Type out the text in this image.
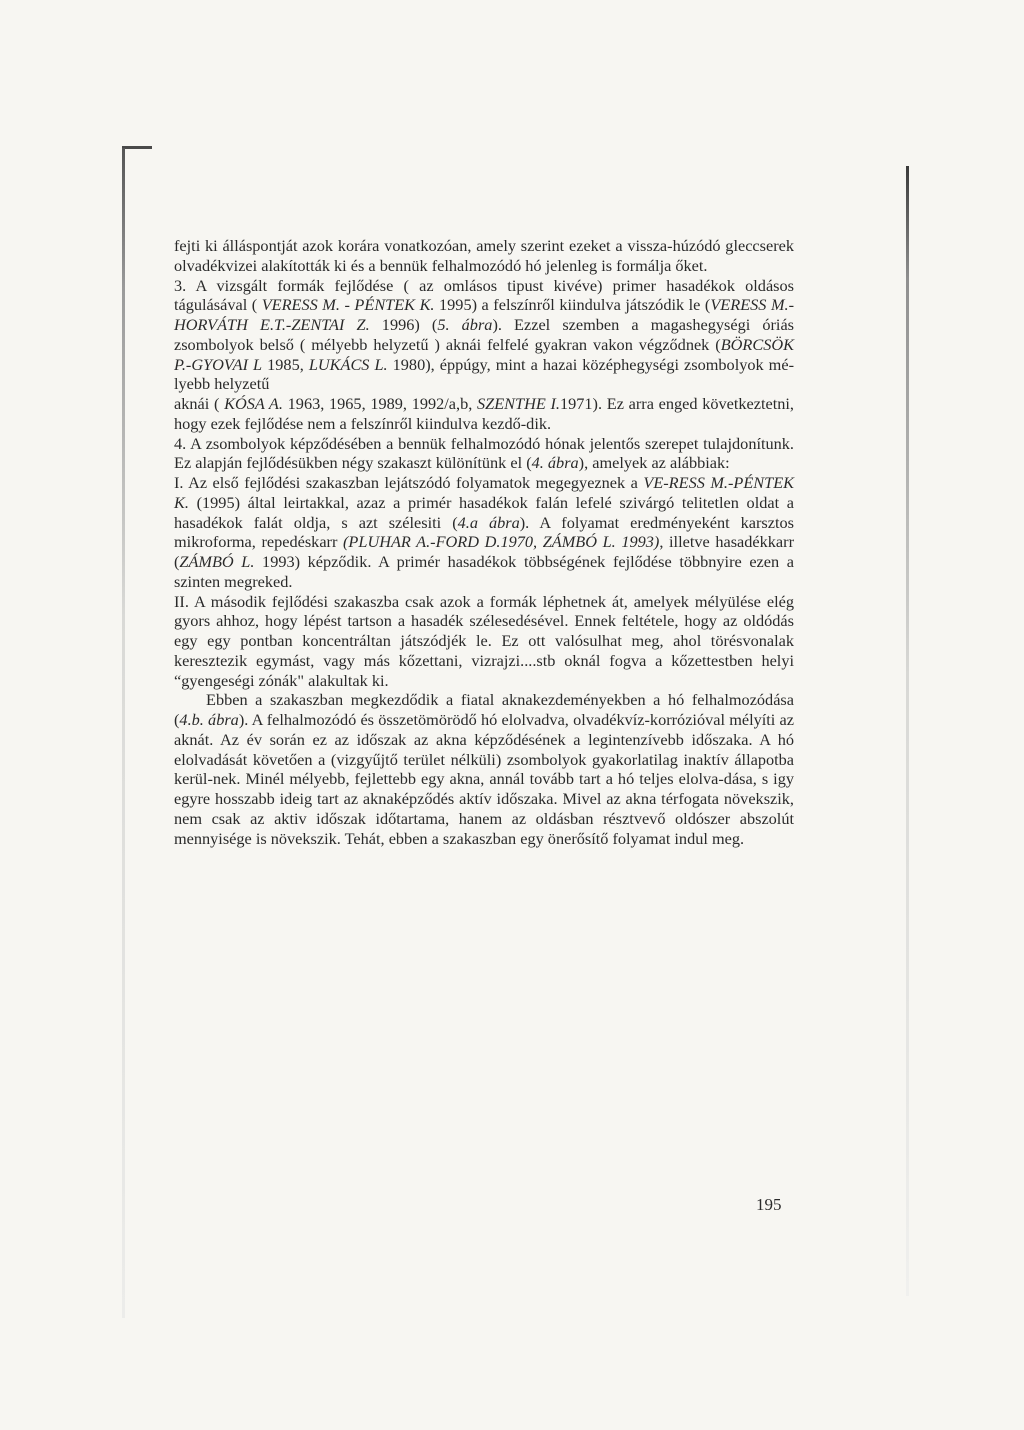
fejti ki álláspontját azok korára vonatkozóan, amely szerint ezeket a vissza-húzódó gleccserek olvadékvizei alakították ki és a bennük felhalmozódó hó jelenleg is formálja őket.

3. A vizsgált formák fejlődése ( az omlásos tipust kivéve) primer hasadékok oldásos tágulásával ( VERESS M. - PÉNTEK K. 1995) a felszínről kiindulva játszódik le (VERESS M.-HORVÁTH E.T.-ZENTAI Z. 1996) (5. ábra). Ezzel szemben a magashegységi óriás zsombolyok belső ( mélyebb helyzetű ) aknái felfelé gyakran vakon végződnek (BÖRCSÖK P.-GYOVAI L 1985, LUKÁCS L. 1980), éppúgy, mint a hazai középhegységi zsombolyok mé-lyebb helyzetű

aknái ( KÓSA A. 1963, 1965, 1989, 1992/a,b, SZENTHE I.1971). Ez arra enged következtetni, hogy ezek fejlődése nem a felszínről kiindulva kezdő-dik.

4. A zsombolyok képződésében a bennük felhalmozódó hónak jelentős szerepet tulajdonítunk. Ez alapján fejlődésükben négy szakaszt különítünk el (4. ábra), amelyek az alábbiak:

I. Az első fejlődési szakaszban lejátszódó folyamatok megegyeznek a VE-RESS M.-PÉNTEK K. (1995) által leirtakkal, azaz a primér hasadékok falán lefelé szivárgó telitetlen oldat a hasadékok falát oldja, s azt szélesiti (4.a ábra). A folyamat eredményeként karsztos mikroforma, repedéskarr (PLUHAR A.-FORD D.1970, ZÁMBÓ L. 1993), illetve hasadékkarr (ZÁMBÓ L. 1993) képződik. A primér hasadékok többségének fejlődése többnyire ezen a szinten megreked.

II. A második fejlődési szakaszba csak azok a formák léphetnek át, amelyek mélyülése elég gyors ahhoz, hogy lépést tartson a hasadék szélesedésével. Ennek feltétele, hogy az oldódás egy egy pontban koncentráltan játszódjék le. Ez ott valósulhat meg, ahol törésvonalak keresztezik egymást, vagy más kőzettani, vizrajzi....stb oknál fogva a kőzettestben helyi “gyengeségi zónák" alakultak ki.

Ebben a szakaszban megkezdődik a fiatal aknakezdeményekben a hó felhalmozódása (4.b. ábra). A felhalmozódó és összetömörödő hó elolvadva, olvadékvíz-korrózióval mélyíti az aknát. Az év során ez az időszak az akna képződésének a legintenzívebb időszaka. A hó elolvadását követően a (vizgyűjtő terület nélküli) zsombolyok gyakorlatilag inaktív állapotba kerül-nek. Minél mélyebb, fejlettebb egy akna, annál tovább tart a hó teljes elolva-dása, s igy egyre hosszabb ideig tart az aknaképződés aktív időszaka. Mivel az akna térfogata növekszik, nem csak az aktiv időszak időtartama, hanem az oldásban résztvevő oldószer abszolút mennyisége is növekszik. Tehát, ebben a szakaszban egy önerősítő folyamat indul meg.

195
